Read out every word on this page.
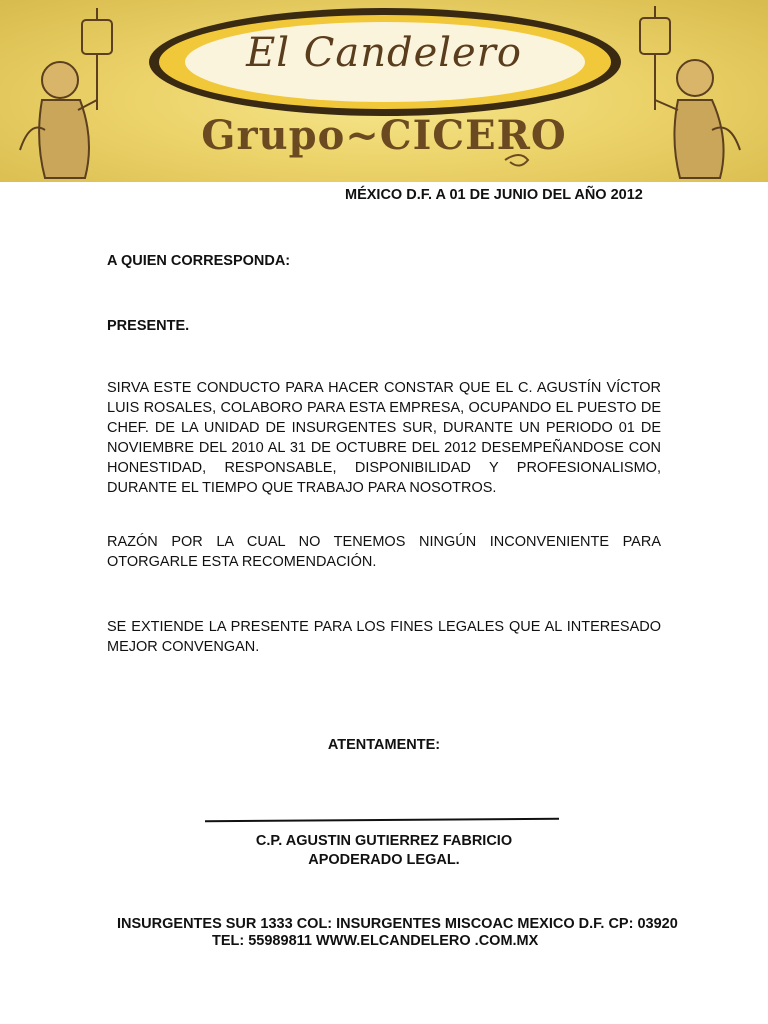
El Candelero
Grupo~CICERO
MÉXICO D.F. A 01 DE JUNIO DEL AÑO 2012
A QUIEN CORRESPONDA:
PRESENTE.
SIRVA ESTE CONDUCTO PARA HACER CONSTAR QUE EL C. AGUSTÍN VÍCTOR LUIS ROSALES, COLABORO PARA ESTA EMPRESA, OCUPANDO EL PUESTO DE CHEF. DE LA UNIDAD DE INSURGENTES SUR, DURANTE UN PERIODO 01 DE NOVIEMBRE DEL 2010 AL 31 DE OCTUBRE DEL 2012 DESEMPEÑANDOSE CON HONESTIDAD, RESPONSABLE, DISPONIBILIDAD Y PROFESIONALISMO, DURANTE EL TIEMPO QUE TRABAJO PARA NOSOTROS.
RAZÓN POR LA CUAL NO TENEMOS NINGÚN INCONVENIENTE PARA OTORGARLE ESTA RECOMENDACIÓN.
SE EXTIENDE LA PRESENTE PARA LOS FINES LEGALES QUE AL INTERESADO MEJOR CONVENGAN.
ATENTAMENTE:
C.P. AGUSTIN GUTIERREZ FABRICIO
APODERADO LEGAL.
INSURGENTES SUR 1333 COL: INSURGENTES MISCOAC MEXICO D.F. CP: 03920
TEL: 55989811 WWW.ELCANDELERO .COM.MX
